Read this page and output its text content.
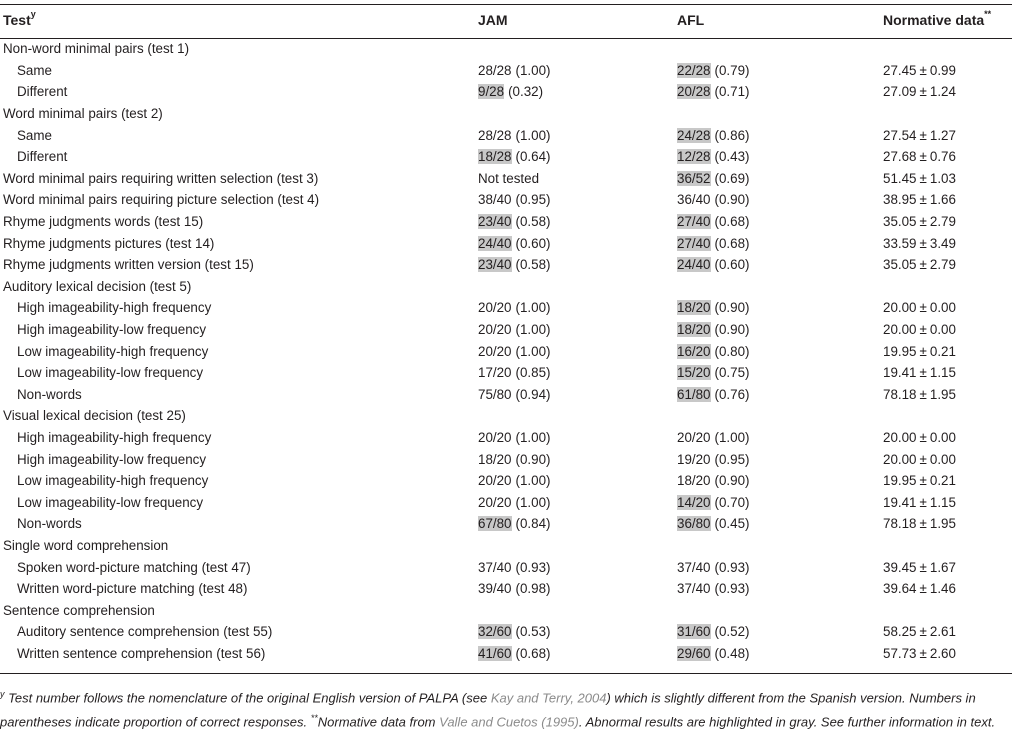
Test$^y$	JAM	AFL	Normative data**
Non-word minimal pairs (test 1)			
Same	28/28 (1.00)	22/28 (0.79)	27.45 ± 0.99
Different	9/28 (0.32)	20/28 (0.71)	27.09 ± 1.24
Word minimal pairs (test 2)			
Same	28/28 (1.00)	24/28 (0.86)	27.54 ± 1.27
Different	18/28 (0.64)	12/28 (0.43)	27.68 ± 0.76
Word minimal pairs requiring written selection (test 3)	Not tested	36/52 (0.69)	51.45 ± 1.03
Word minimal pairs requiring picture selection (test 4)	38/40 (0.95)	36/40 (0.90)	38.95 ± 1.66
Rhyme judgments words (test 15)	23/40 (0.58)	27/40 (0.68)	35.05 ± 2.79
Rhyme judgments pictures (test 14)	24/40 (0.60)	27/40 (0.68)	33.59 ± 3.49
Rhyme judgments written version (test 15)	23/40 (0.58)	24/40 (0.60)	35.05 ± 2.79
Auditory lexical decision (test 5)			
High imageability-high frequency	20/20 (1.00)	18/20 (0.90)	20.00 ± 0.00
High imageability-low frequency	20/20 (1.00)	18/20 (0.90)	20.00 ± 0.00
Low imageability-high frequency	20/20 (1.00)	16/20 (0.80)	19.95 ± 0.21
Low imageability-low frequency	17/20 (0.85)	15/20 (0.75)	19.41 ± 1.15
Non-words	75/80 (0.94)	61/80 (0.76)	78.18 ± 1.95
Visual lexical decision (test 25)			
High imageability-high frequency	20/20 (1.00)	20/20 (1.00)	20.00 ± 0.00
High imageability-low frequency	18/20 (0.90)	19/20 (0.95)	20.00 ± 0.00
Low imageability-high frequency	20/20 (1.00)	18/20 (0.90)	19.95 ± 0.21
Low imageability-low frequency	20/20 (1.00)	14/20 (0.70)	19.41 ± 1.15
Non-words	67/80 (0.84)	36/80 (0.45)	78.18 ± 1.95
Single word comprehension			
Spoken word-picture matching (test 47)	37/40 (0.93)	37/40 (0.93)	39.45 ± 1.67
Written word-picture matching (test 48)	39/40 (0.98)	37/40 (0.93)	39.64 ± 1.46
Sentence comprehension			
Auditory sentence comprehension (test 55)	32/60 (0.53)	31/60 (0.52)	58.25 ± 2.61
Written sentence comprehension (test 56)	41/60 (0.68)	29/60 (0.48)	57.73 ± 2.60
$^y$ Test number follows the nomenclature of the original English version of PALPA (see Kay and Terry, 2004) which is slightly different from the Spanish version. Numbers in parentheses indicate proportion of correct responses. **Normative data from Valle and Cuetos (1995). Abnormal results are highlighted in gray. See further information in text.
